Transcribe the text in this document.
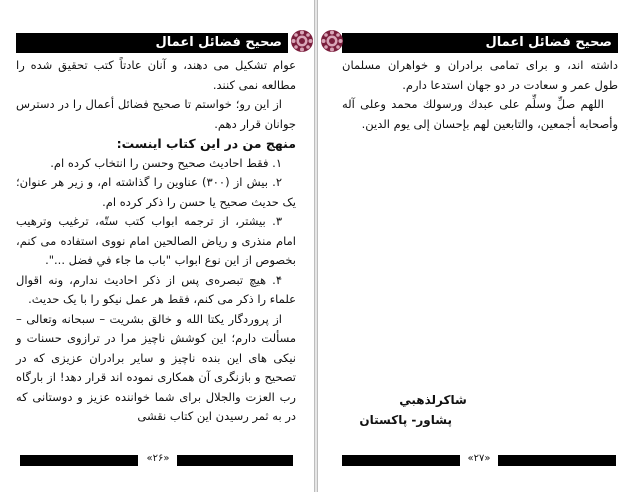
صحيح فضائل اعمال

عوام تشکیل می دهند، و آنان عادتاً کتب تحقیق شده را مطالعه نمی کنند.

از این رو؛ خواستم تا صحیح فضائل أعمال را در دسترس جوانان قرار دهم.

منهج من در این کتاب اینست:

۱. فقط احادیث صحیح وحسن را انتخاب کرده ام.

۲. بیش از (۳۰۰) عناوین را گذاشته ام، و زیر هر عنوان؛ یک حدیث صحیح یا حسن را ذکر کرده ام.

۳. بیشتر، از ترجمه ابواب کتب ستّه، ترغیب وترهیب امام منذری و ریاض الصالحین امام نووی استفاده می کنم، بخصوص از این نوع ابواب "باب ما جاء في فضل ...".

۴. هیچ تبصره‌ی پس از ذکر احادیث ندارم، ونه اقوال علماء را ذکر می کنم، فقط هر عمل نیکو را با یک حدیث.

از پروردگار یکتا الله و خالق بشریت – سبحانه وتعالی – مسألت دارم؛ این کوشش ناچیز مرا در ترازوی حسنات و نیکی های این بنده ناچیز و سایر برادران عزیزی که در تصحیح و بازنگری آن همکاری نموده اند قرار دهد! از بارگاه رب العزت والجلال برای شما خواننده عزیز و دوستانی که در به ثمر رسیدن این کتاب نقشی

«۲۶»
صحيح فضائل اعمال

داشته اند، و برای تمامی برادران و خواهران مسلمان طول عمر و سعادت در دو جهان استدعا دارم.

اللهم صلِّ وسلِّم على عبدك ورسولك محمد وعلى آله وأصحابه أجمعين، والتابعين لهم بإحسان إلى يوم الدين.

شاكرلذهبي
پشاور- پاکستان
«۲۷»
